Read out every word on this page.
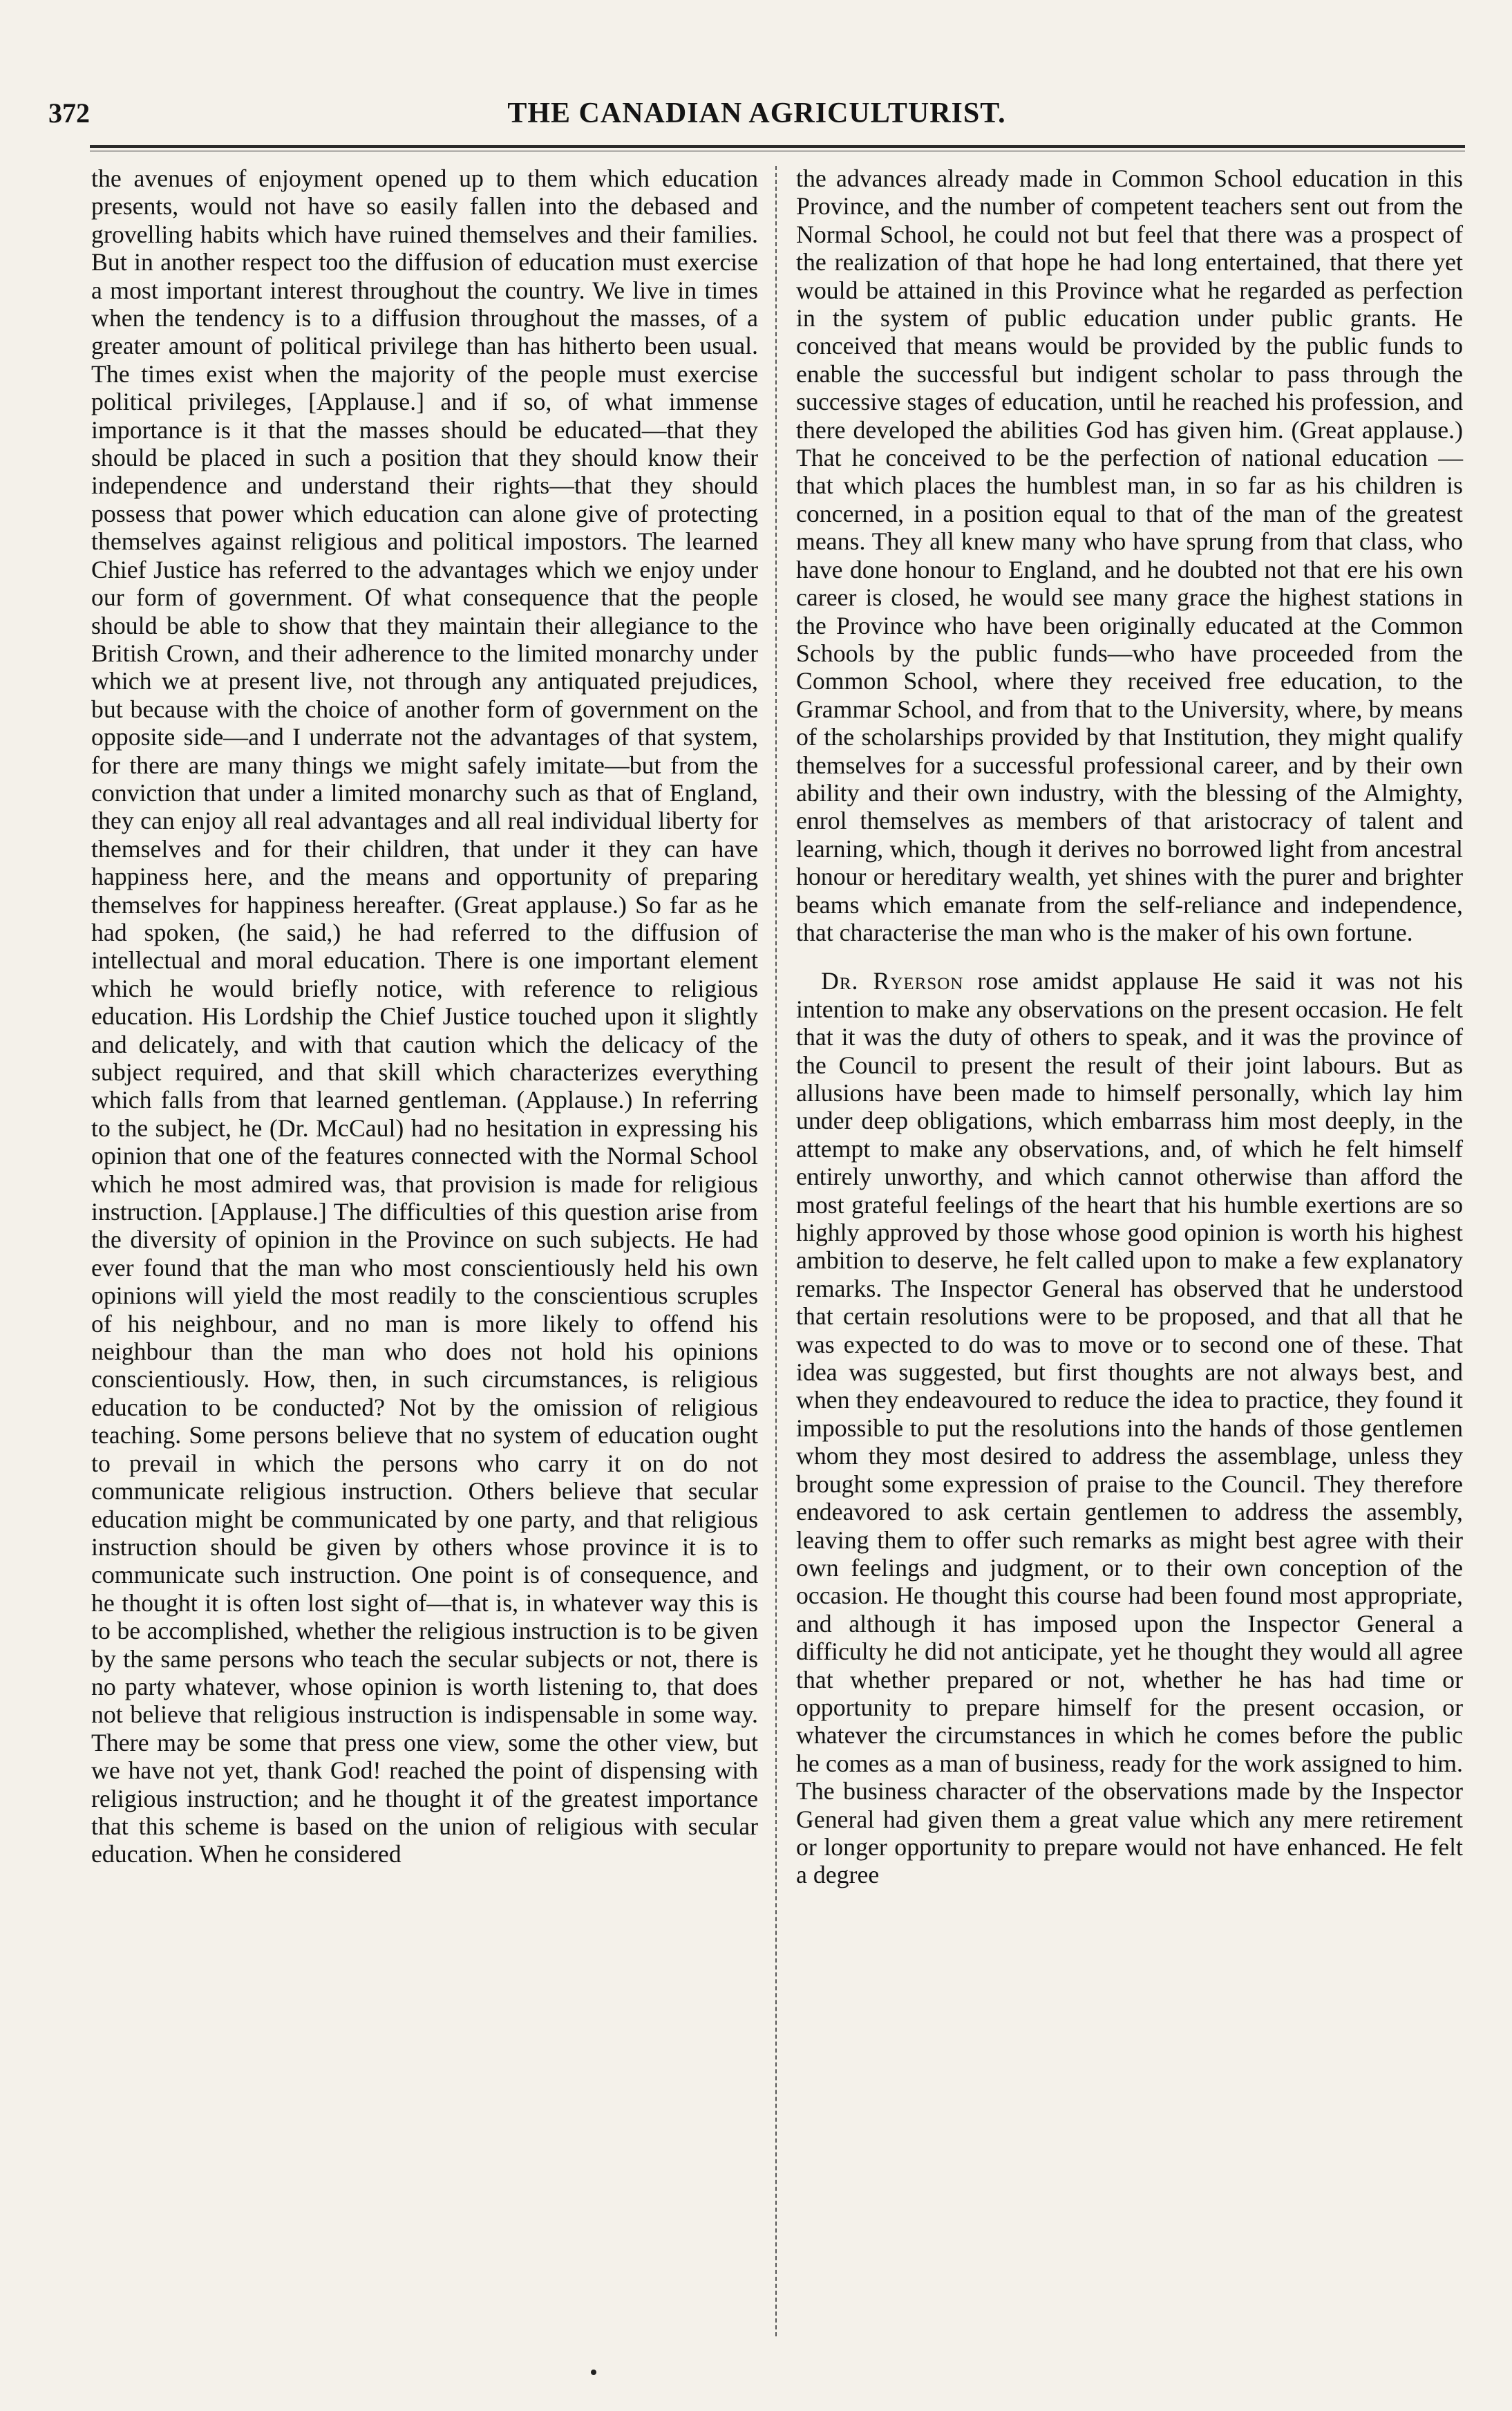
372	THE CANADIAN AGRICULTURIST.

the avenues of enjoyment opened up to them which education presents, would not have so easily fallen into the debased and grovelling habits which have ruined themselves and their families. But in another respect too the diffusion of education must exercise a most important interest throughout the country. We live in times when the tendency is to a diffusion throughout the masses, of a greater amount of political privilege than has hitherto been usual. The times exist when the majority of the people must exercise political privileges, [Applause.] and if so, of what immense importance is it that the masses should be educated—that they should be placed in such a position that they should know their independence and understand their rights—that they should possess that power which education can alone give of protecting themselves against religious and political impostors. The learned Chief Justice has referred to the advantages which we enjoy under our form of government. Of what consequence that the people should be able to show that they maintain their allegiance to the British Crown, and their adherence to the limited monarchy under which we at present live, not through any antiquated prejudices, but because with the choice of another form of government on the opposite side—and I underrate not the advantages of that system, for there are many things we might safely imitate—but from the conviction that under a limited monarchy such as that of England, they can enjoy all real advantages and all real individual liberty for themselves and for their children, that under it they can have happiness here, and the means and opportunity of preparing themselves for happiness hereafter. (Great applause.) So far as he had spoken, (he said,) he had referred to the diffusion of intellectual and moral education. There is one important element which he would briefly notice, with reference to religious education. His Lordship the Chief Justice touched upon it slightly and delicately, and with that caution which the delicacy of the subject required, and that skill which characterizes everything which falls from that learned gentleman. (Applause.) In referring to the subject, he (Dr. McCaul) had no hesitation in expressing his opinion that one of the features connected with the Normal School which he most admired was, that provision is made for religious instruction. [Applause.] The difficulties of this question arise from the diversity of opinion in the Province on such subjects. He had ever found that the man who most conscientiously held his own opinions will yield the most readily to the conscientious scruples of his neighbour, and no man is more likely to offend his neighbour than the man who does not hold his opinions conscientiously. How, then, in such circumstances, is religious education to be conducted? Not by the omission of religious teaching. Some persons believe that no system of education ought to prevail in which the persons who carry it on do not communicate religious instruction. Others believe that secular education might be communicated by one party, and that religious instruction should be given by others whose province it is to communicate such instruction. One point is of consequence, and he thought it is often lost sight of—that is, in whatever way this is to be accomplished, whether the religious instruction is to be given by the same persons who teach the secular subjects or not, there is no party whatever, whose opinion is worth listening to, that does not believe that religious instruction is indispensable in some way. There may be some that press one view, some the other view, but we have not yet, thank God! reached the point of dispensing with religious instruction; and he thought it of the greatest importance that this scheme is based on the union of religious with secular education. When he considered

the advances already made in Common School education in this Province, and the number of competent teachers sent out from the Normal School, he could not but feel that there was a prospect of the realization of that hope he had long entertained, that there yet would be attained in this Province what he regarded as perfection in the system of public education under public grants. He conceived that means would be provided by the public funds to enable the successful but indigent scholar to pass through the successive stages of education, until he reached his profession, and there developed the abilities God has given him. (Great applause.) That he conceived to be the perfection of national education — that which places the humblest man, in so far as his children is concerned, in a position equal to that of the man of the greatest means. They all knew many who have sprung from that class, who have done honour to England, and he doubted not that ere his own career is closed, he would see many grace the highest stations in the Province who have been originally educated at the Common Schools by the public funds—who have proceeded from the Common School, where they received free education, to the Grammar School, and from that to the University, where, by means of the scholarships provided by that Institution, they might qualify themselves for a successful professional career, and by their own ability and their own industry, with the blessing of the Almighty, enrol themselves as members of that aristocracy of talent and learning, which, though it derives no borrowed light from ancestral honour or hereditary wealth, yet shines with the purer and brighter beams which emanate from the self-reliance and independence, that characterise the man who is the maker of his own fortune.

Dr. Ryerson rose amidst applause He said it was not his intention to make any observations on the present occasion. He felt that it was the duty of others to speak, and it was the province of the Council to present the result of their joint labours. But as allusions have been made to himself personally, which lay him under deep obligations, which embarrass him most deeply, in the attempt to make any observations, and, of which he felt himself entirely unworthy, and which cannot otherwise than afford the most grateful feelings of the heart that his humble exertions are so highly approved by those whose good opinion is worth his highest ambition to deserve, he felt called upon to make a few explanatory remarks. The Inspector General has observed that he understood that certain resolutions were to be proposed, and that all that he was expected to do was to move or to second one of these. That idea was suggested, but first thoughts are not always best, and when they endeavoured to reduce the idea to practice, they found it impossible to put the resolutions into the hands of those gentlemen whom they most desired to address the assemblage, unless they brought some expression of praise to the Council. They therefore endeavored to ask certain gentlemen to address the assembly, leaving them to offer such remarks as might best agree with their own feelings and judgment, or to their own conception of the occasion. He thought this course had been found most appropriate, and although it has imposed upon the Inspector General a difficulty he did not anticipate, yet he thought they would all agree that whether prepared or not, whether he has had time or opportunity to prepare himself for the present occasion, or whatever the circumstances in which he comes before the public he comes as a man of business, ready for the work assigned to him. The business character of the observations made by the Inspector General had given them a great value which any mere retirement or longer opportunity to prepare would not have enhanced. He felt a degree
